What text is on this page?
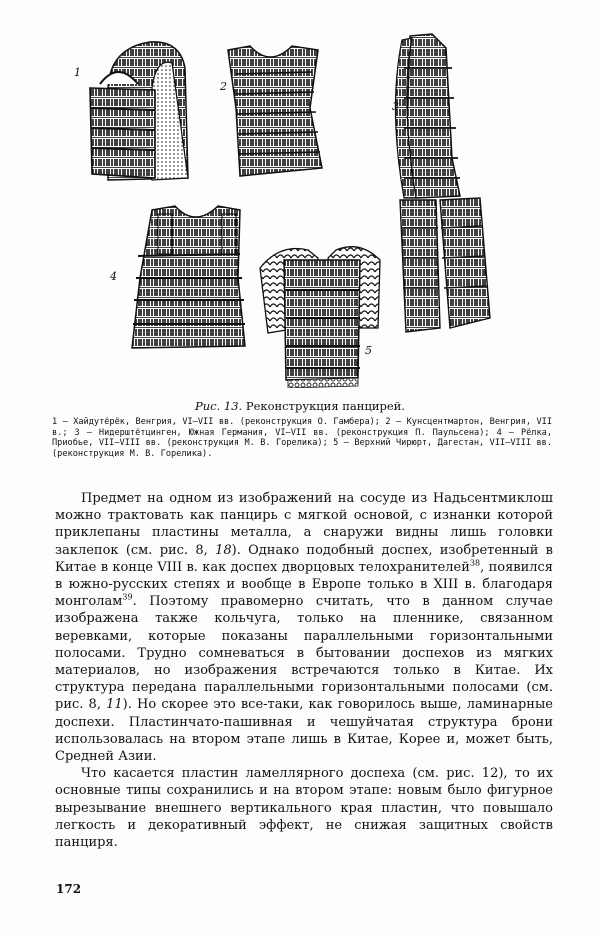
1
2
3
4
5
Рис. 13. Реконструкция панцирей.

1 — Хайдутёрёк, Венгрия, VI—VII вв. (реконструкция О. Гамбера); 2 — Кунсцентмартон, Венгрия, VII в.; 3 — Нидерштётцинген, Южная Германия, VI—VII вв. (реконструкция П. Паульсена); 4 — Рёлка, Приобье, VII—VIII вв. (реконструкция М. В. Горелика); 5 — Верхний Чирюрт, Дагестан, VII—VIII вв. (реконструкция М. В. Горелика).

Предмет на одном из изображений на сосуде из Надьсентмиклош можно трактовать как панцирь с мягкой основой, с изнанки которой приклепаны пластины металла, а снаружи видны лишь головки заклепок (см. рис. 8, 18). Однако подобный доспех, изобретенный в Китае в конце VIII в. как доспех дворцовых телохранителей$^{38}$, появился в южно-русских степях и вообще в Европе только в XIII в. благодаря монголам$^{39}$. Поэтому правомерно считать, что в данном случае изображена также кольчуга, только на пленнике, связанном веревками, которые показаны параллельными горизонтальными полосами. Трудно сомневаться в бытовании доспехов из мягких материалов, но изображения встречаются только в Китае. Их структура передана параллельными горизонтальными полосами (см. рис. 8, 11). Но скорее это все-таки, как говорилось выше, ламинарные доспехи. Пластинчато-пашивная и чешуйчатая структура брони использовалась на втором этапе лишь в Китае, Корее и, может быть, Средней Азии.

Что касается пластин ламеллярного доспеха (см. рис. 12), то их основные типы сохранились и на втором этапе: новым было фигурное вырезывание внешнего вертикального края пластин, что повышало легкость и декоративный эффект, не снижая защитных свойств панциря.

172
